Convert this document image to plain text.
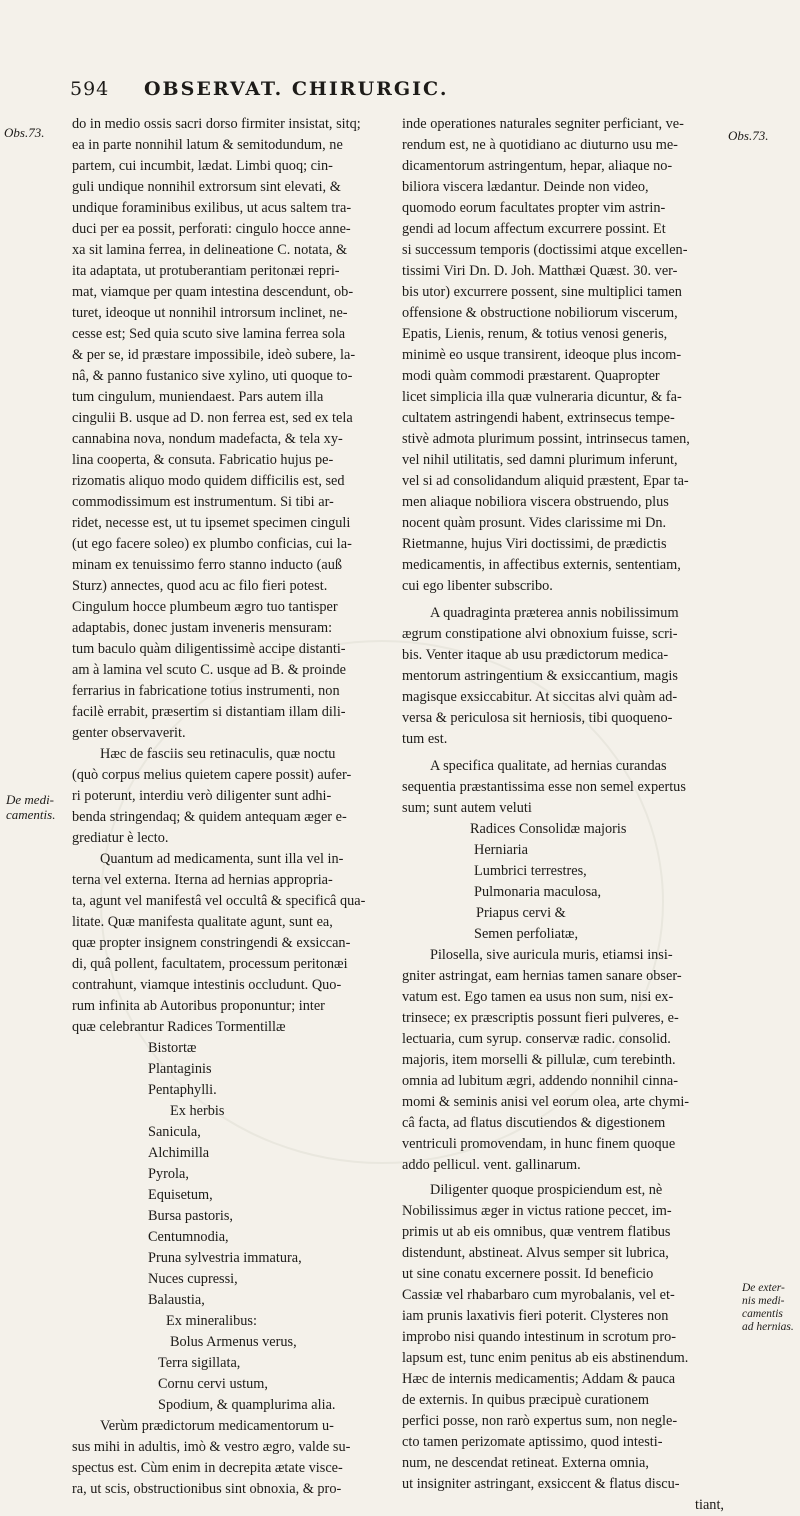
594 OBSERVAT. CHIRURGIC.
Obs.73.	Obs.73.
De medi-
camentis.
De exter-
nis medi-
camentis
ad hernias.
do in medio ossis sacri dorso firmiter insistat, sitq;
ea in parte nonnihil latum & semitodundum, ne
partem, cui incumbit, lædat. Limbi quoq; cin-
guli undique nonnihil extrorsum sint elevati, &
undique foraminibus exilibus, ut acus saltem tra-
duci per ea possit, perforati: cingulo hocce anne-
xa sit lamina ferrea, in delineatione C. notata, &
ita adaptata, ut protuberantiam peritonæi repri-
mat, viamque per quam intestina descendunt, ob-
turet, ideoque ut nonnihil introrsum inclinet, ne-
cesse est; Sed quia scuto sive lamina ferrea sola
& per se, id præstare impossibile, ideò subere, la-
nâ, & panno fustanico sive xylino, uti quoque to-
tum cingulum, muniendaest. Pars autem illa
cingulii B. usque ad D. non ferrea est, sed ex tela
cannabina nova, nondum madefacta, & tela xy-
lina cooperta, & consuta. Fabricatio hujus pe-
rizomatis aliquo modo quidem difficilis est, sed
commodissimum est instrumentum. Si tibi ar-
ridet, necesse est, ut tu ipsemet specimen cinguli
(ut ego facere soleo) ex plumbo conficias, cui la-
minam ex tenuissimo ferro stanno inducto (auß
Sturz) annectes, quod acu ac filo fieri potest.
Cingulum hocce plumbeum ægro tuo tantisper
adaptabis, donec justam inveneris mensuram:
tum baculo quàm diligentissimè accipe distanti-
am à lamina vel scuto C. usque ad B. & proinde
ferrarius in fabricatione totius instrumenti, non
facilè errabit, præsertim si distantiam illam dili-
genter observaverit.
Hæc de fasciis seu retinaculis, quæ noctu
(quò corpus melius quietem capere possit) aufer-
ri poterunt, interdiu verò diligenter sunt adhi-
benda stringendaq; & quidem antequam æger e-
grediatur è lecto.
Quantum ad medicamenta, sunt illa vel in-
terna vel externa. Iterna ad hernias appropria-
ta, agunt vel manifestâ vel occultâ & specificâ qua-
litate. Quæ manifesta qualitate agunt, sunt ea,
quæ propter insignem constringendi & exsiccan-
di, quâ pollent, facultatem, processum peritonæi
contrahunt, viamque intestinis occludunt. Quo-
rum infinita ab Autoribus proponuntur; inter
quæ celebrantur Radices Tormentillæ
Bistortæ
Plantaginis
Pentaphylli.
Ex herbis
Sanicula,
Alchimilla
Pyrola,
Equisetum,
Bursa pastoris,
Centumnodia,
Pruna sylvestria immatura,
Nuces cupressi,
Balaustia,
Ex mineralibus:
Bolus Armenus verus,
Terra sigillata,
Cornu cervi ustum,
Spodium, & quamplurima alia.
Verùm prædictorum medicamentorum u-
sus mihi in adultis, imò & vestro ægro, valde su-
spectus est. Cùm enim in decrepita ætate visce-
ra, ut scis, obstructionibus sint obnoxia, & pro-
inde operationes naturales segniter perficiant, ve-
rendum est, ne à quotidiano ac diuturno usu me-
dicamentorum astringentum, hepar, aliaque no-
biliora viscera lædantur. Deinde non video,
quomodo eorum facultates propter vim astrin-
gendi ad locum affectum excurrere possint. Et
si successum temporis (doctissimi atque excellen-
tissimi Viri Dn. D. Joh. Matthæi Quæst. 30. ver-
bis utor) excurrere possent, sine multiplici tamen
offensione & obstructione nobiliorum viscerum,
Epatis, Lienis, renum, & totius venosi generis,
minimè eo usque transirent, ideoque plus incom-
modi quàm commodi præstarent. Quapropter
licet simplicia illa quæ vulneraria dicuntur, & fa-
cultatem astringendi habent, extrinsecus tempe-
stivè admota plurimum possint, intrinsecus tamen,
vel nihil utilitatis, sed damni plurimum inferunt,
vel si ad consolidandum aliquid præstent, Epar ta-
men aliaque nobiliora viscera obstruendo, plus
nocent quàm prosunt. Vides clarissime mi Dn.
Rietmanne, hujus Viri doctissimi, de prædictis
medicamentis, in affectibus externis, sententiam,
cui ego libenter subscribo.
A quadraginta præterea annis nobilissimum
ægrum constipatione alvi obnoxium fuisse, scri-
bis. Venter itaque ab usu prædictorum medica-
mentorum astringentium & exsiccantium, magis
magisque exsiccabitur. At siccitas alvi quàm ad-
versa & periculosa sit herniosis, tibi quoqueno-
tum est.
A specifica qualitate, ad hernias curandas
sequentia præstantissima esse non semel expertus
sum; sunt autem veluti
Radices Consolidæ majoris
Herniaria
Lumbrici terrestres,
Pulmonaria maculosa,
Priapus cervi &
Semen perfoliatæ,
Pilosella, sive auricula muris, etiamsi insi-
gniter astringat, eam hernias tamen sanare obser-
vatum est. Ego tamen ea usus non sum, nisi ex-
trinsece; ex præscriptis possunt fieri pulveres, e-
lectuaria, cum syrup. conservæ radic. consolid.
majoris, item morselli & pillulæ, cum terebinth.
omnia ad lubitum ægri, addendo nonnihil cinna-
momi & seminis anisi vel eorum olea, arte chymi-
câ facta, ad flatus discutiendos & digestionem
ventriculi promovendam, in hunc finem quoque
addo pellicul. vent. gallinarum.
Diligenter quoque prospiciendum est, nè
Nobilissimus æger in victus ratione peccet, im-
primis ut ab eis omnibus, quæ ventrem flatibus
distendunt, abstineat. Alvus semper sit lubrica,
ut sine conatu excernere possit. Id beneficio
Cassiæ vel rhabarbaro cum myrobalanis, vel et-
iam prunis laxativis fieri poterit. Clysteres non
improbo nisi quando intestinum in scrotum pro-
lapsum est, tunc enim penitus ab eis abstinendum.
Hæc de internis medicamentis; Addam & pauca
de externis. In quibus præcipuè curationem
perfici posse, non rarò expertus sum, non negle-
cto tamen perizomate aptissimo, quod intesti-
num, ne descendat retineat. Externa omnia,
ut insigniter astringant, exsiccent & flatus discu-
tiant,
